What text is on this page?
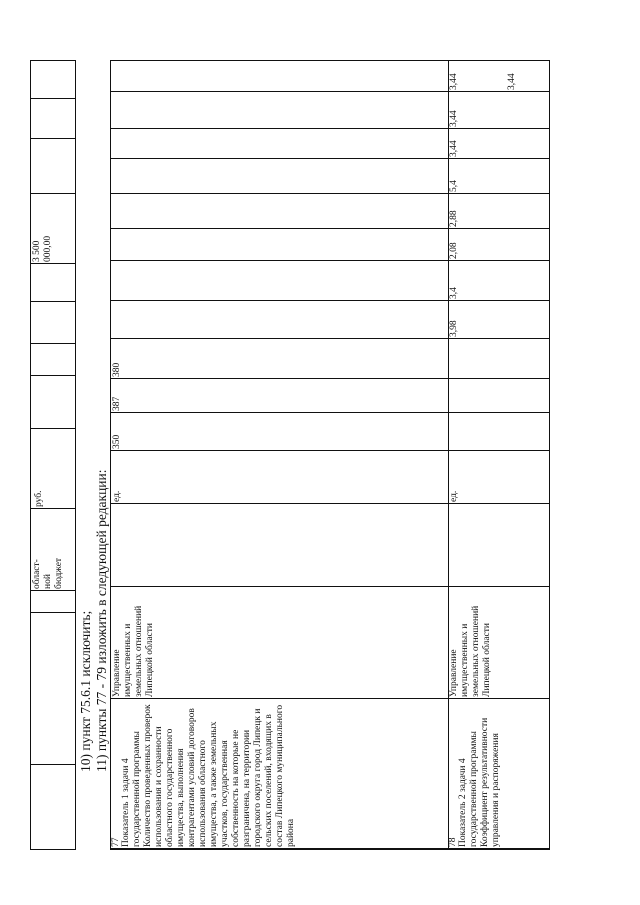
област-
ной
бюджет
руб.
3 500
000,00
10) пункт 75.6.1 исключить; 11) пункты 77 - 79 изложить в следующей редакции:
77	78
Показатель 1 задачи 4 государственной программы Количество проведенных проверок использования и сохранности областного государственного имущества, выполнения контрагентами условий договоров использования областного имущества, а также земельных участков, государственная собственность на которые не разграничена, на территории городского округа город Липецк и сельских поселений, входящих в состав Липецкого муниципального района
Управление имущественных и земельных отношений Липецкой области
ед.
350
387
380
Показатель 2 задачи 4 государственной программы Коэффициент результативности управления и распоряжения
Управление имущественных и земельных отношений Липецкой области
ед.
3,98
3,4
2,08
2,88
5,4
3,44
3,44
3,44	3,44
